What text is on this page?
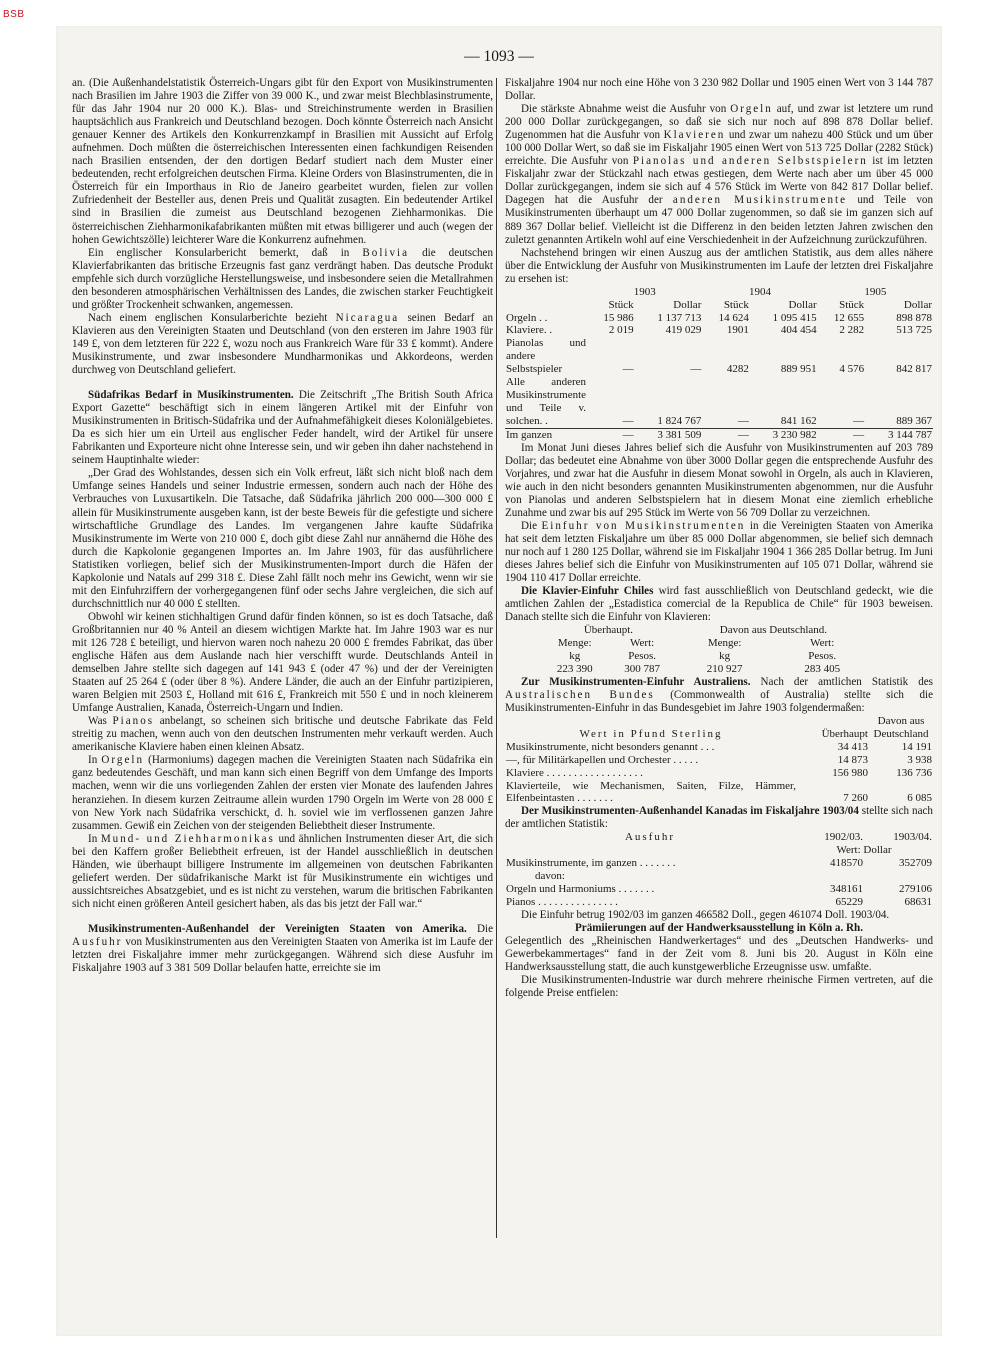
BSB
— 1093 —

an. (Die Außenhandelstatistik Österreich-Ungars gibt für den Export von Musikinstrumenten nach Brasilien im Jahre 1903 die Ziffer von 39 000 K., und zwar meist Blechblasinstrumente, für das Jahr 1904 nur 20 000 K.). Blas- und Streichinstrumente werden in Brasilien hauptsächlich aus Frankreich und Deutschland bezogen. Doch könnte Österreich nach Ansicht genauer Kenner des Artikels den Konkurrenzkampf in Brasilien mit Aussicht auf Erfolg aufnehmen. Doch müßten die österreichischen Interessenten einen fachkundigen Reisenden nach Brasilien entsenden, der den dortigen Bedarf studiert nach dem Muster einer bedeutenden, recht erfolgreichen deutschen Firma. Kleine Orders von Blasinstrumenten, die in Österreich für ein Importhaus in Rio de Janeiro gearbeitet wurden, fielen zur vollen Zufriedenheit der Besteller aus, denen Preis und Qualität zusagten. Ein bedeutender Artikel sind in Brasilien die zumeist aus Deutschland bezogenen Ziehharmonikas. Die österreichischen Ziehharmonikafabrikanten müßten mit etwas billigerer und auch (wegen der hohen Gewichtszölle) leichterer Ware die Konkurrenz aufnehmen.

Ein englischer Konsularbericht bemerkt, daß in Bolivia die deutschen Klavierfabrikanten das britische Erzeugnis fast ganz verdrängt haben. Das deutsche Produkt empfehle sich durch vorzügliche Herstellungsweise, und insbesondere seien die Metallrahmen den besonderen atmosphärischen Verhältnissen des Landes, die zwischen starker Feuchtigkeit und größter Trockenheit schwanken, angemessen.

Nach einem englischen Konsularberichte bezieht Nicaragua seinen Bedarf an Klavieren aus den Vereinigten Staaten und Deutschland (von den ersteren im Jahre 1903 für 149 £, von dem letzteren für 222 £, wozu noch aus Frankreich Ware für 33 £ kommt). Andere Musikinstrumente, und zwar insbesondere Mundharmonikas und Akkordeons, werden durchweg von Deutschland geliefert.

Südafrikas Bedarf in Musikinstrumenten. Die Zeitschrift „The British South Africa Export Gazette“ beschäftigt sich in einem längeren Artikel mit der Einfuhr von Musikinstrumenten in Britisch-Südafrika und der Aufnahmefähigkeit dieses Koloniälgebietes. Da es sich hier um ein Urteil aus englischer Feder handelt, wird der Artikel für unsere Fabrikanten und Exporteure nicht ohne Interesse sein, und wir geben ihn daher nachstehend in seinem Hauptinhalte wieder:

„Der Grad des Wohlstandes, dessen sich ein Volk erfreut, läßt sich nicht bloß nach dem Umfange seines Handels und seiner Industrie ermessen, sondern auch nach der Höhe des Verbrauches von Luxusartikeln. Die Tatsache, daß Südafrika jährlich 200 000—300 000 £ allein für Musikinstrumente ausgeben kann, ist der beste Beweis für die gefestigte und sichere wirtschaftliche Grundlage des Landes. Im vergangenen Jahre kaufte Südafrika Musikinstrumente im Werte von 210 000 £, doch gibt diese Zahl nur annähernd die Höhe des durch die Kapkolonie gegangenen Importes an. Im Jahre 1903, für das ausführlichere Statistiken vorliegen, belief sich der Musikinstrumenten-Import durch die Häfen der Kapkolonie und Natals auf 299 318 £. Diese Zahl fällt noch mehr ins Gewicht, wenn wir sie mit den Einfuhrziffern der vorhergegangenen fünf oder sechs Jahre vergleichen, die sich auf durchschnittlich nur 40 000 £ stellten.

Obwohl wir keinen stichhaltigen Grund dafür finden können, so ist es doch Tatsache, daß Großbritannien nur 40 % Anteil an diesem wichtigen Markte hat. Im Jahre 1903 war es nur mit 126 728 £ beteiligt, und hiervon waren noch nahezu 20 000 £ fremdes Fabrikat, das über englische Häfen aus dem Auslande nach hier verschifft wurde. Deutschlands Anteil in demselben Jahre stellte sich dagegen auf 141 943 £ (oder 47 %) und der der Vereinigten Staaten auf 25 264 £ (oder über 8 %). Andere Länder, die auch an der Einfuhr partizipieren, waren Belgien mit 2503 £, Holland mit 616 £, Frankreich mit 550 £ und in noch kleinerem Umfange Australien, Kanada, Österreich-Ungarn und Indien.

Was Pianos anbelangt, so scheinen sich britische und deutsche Fabrikate das Feld streitig zu machen, wenn auch von den deutschen Instrumenten mehr verkauft werden. Auch amerikanische Klaviere haben einen kleinen Absatz.

In Orgeln (Harmoniums) dagegen machen die Vereinigten Staaten nach Südafrika ein ganz bedeutendes Geschäft, und man kann sich einen Begriff von dem Umfange des Imports machen, wenn wir die uns vorliegenden Zahlen der ersten vier Monate des laufenden Jahres heranziehen. In diesem kurzen Zeitraume allein wurden 1790 Orgeln im Werte von 28 000 £ von New York nach Südafrika verschickt, d. h. soviel wie im verflossenen ganzen Jahre zusammen. Gewiß ein Zeichen von der steigenden Beliebtheit dieser Instrumente.

In Mund- und Ziehharmonikas und ähnlichen Instrumenten dieser Art, die sich bei den Kaffern großer Beliebtheit erfreuen, ist der Handel ausschließlich in deutschen Händen, wie überhaupt billigere Instrumente im allgemeinen von deutschen Fabrikanten geliefert werden. Der südafrikanische Markt ist für Musikinstrumente ein wichtiges und aussichtsreiches Absatzgebiet, und es ist nicht zu verstehen, warum die britischen Fabrikanten sich nicht einen größeren Anteil gesichert haben, als das bis jetzt der Fall war.“

Musikinstrumenten-Außenhandel der Vereinigten Staaten von Amerika. Die Ausfuhr von Musikinstrumenten aus den Vereinigten Staaten von Amerika ist im Laufe der letzten drei Fiskaljahre immer mehr zurückgegangen. Während sich diese Ausfuhr im Fiskaljahre 1903 auf 3 381 509 Dollar belaufen hatte, erreichte sie im

Fiskaljahre 1904 nur noch eine Höhe von 3 230 982 Dollar und 1905 einen Wert von 3 144 787 Dollar.

Die stärkste Abnahme weist die Ausfuhr von Orgeln auf, und zwar ist letztere um rund 200 000 Dollar zurückgegangen, so daß sie sich nur noch auf 898 878 Dollar belief. Zugenommen hat die Ausfuhr von Klavieren und zwar um nahezu 400 Stück und um über 100 000 Dollar Wert, so daß sie im Fiskaljahr 1905 einen Wert von 513 725 Dollar (2282 Stück) erreichte. Die Ausfuhr von Pianolas und anderen Selbstspielern ist im letzten Fiskaljahr zwar der Stückzahl nach etwas gestiegen, dem Werte nach aber um über 45 000 Dollar zurückgegangen, indem sie sich auf 4 576 Stück im Werte von 842 817 Dollar belief. Dagegen hat die Ausfuhr der anderen Musikinstrumente und Teile von Musikinstrumenten überhaupt um 47 000 Dollar zugenommen, so daß sie im ganzen sich auf 889 367 Dollar belief. Vielleicht ist die Differenz in den beiden letzten Jahren zwischen den zuletzt genannten Artikeln wohl auf eine Verschiedenheit in der Aufzeichnung zurückzuführen.

Nachstehend bringen wir einen Auszug aus der amtlichen Statistik, aus dem alles nähere über die Entwicklung der Ausfuhr von Musikinstrumenten im Laufe der letzten drei Fiskaljahre zu ersehen ist:

	1903		1904		1905	
	Stück	Dollar	Stück	Dollar	Stück	Dollar
Orgeln . .	15 986	1 137 713	14 624	1 095 415	12 655	898 878
Klaviere. .	2 019	419 029	1901	404 454	2 282	513 725
Pianolas und andere Selbstspieler	—	—	4282	889 951	4 576	842 817
Alle anderen Musikinstrumente und Teile v. solchen. .	—	1 824 767	—	841 162	—	889 367
Im ganzen	—	3 381 509	—	3 230 982	—	3 144 787

Im Monat Juni dieses Jahres belief sich die Ausfuhr von Musikinstrumenten auf 203 789 Dollar; das bedeutet eine Abnahme von über 3000 Dollar gegen die entsprechende Ausfuhr des Vorjahres, und zwar hat die Ausfuhr in diesem Monat sowohl in Orgeln, als auch in Klavieren, wie auch in den nicht besonders genannten Musikinstrumenten abgenommen, nur die Ausfuhr von Pianolas und anderen Selbstspielern hat in diesem Monat eine ziemlich erhebliche Zunahme und zwar bis auf 295 Stück im Werte von 56 709 Dollar zu verzeichnen.

Die Einfuhr von Musikinstrumenten in die Vereinigten Staaten von Amerika hat seit dem letzten Fiskaljahre um über 85 000 Dollar abgenommen, sie belief sich demnach nur noch auf 1 280 125 Dollar, während sie im Fiskaljahr 1904 1 366 285 Dollar betrug. Im Juni dieses Jahres belief sich die Einfuhr von Musikinstrumenten auf 105 071 Dollar, während sie 1904 110 417 Dollar erreichte.

Die Klavier-Einfuhr Chiles wird fast ausschließlich von Deutschland gedeckt, wie die amtlichen Zahlen der „Estadistica comercial de la Republica de Chile“ für 1903 beweisen. Danach stellte sich die Einfuhr von Klavieren:

Überhaupt.		Davon aus Deutschland.	
Menge:	Wert:	Menge:	Wert:
kg	Pesos.	kg	Pesos.
223 390	300 787	210 927	283 405

Zur Musikinstrumenten-Einfuhr Australiens. Nach der amtlichen Statistik des Australischen Bundes (Commonwealth of Australia) stellte sich die Musikinstrumenten-Einfuhr in das Bundesgebiet im Jahre 1903 folgendermaßen:

Wert in Pfund Sterling	Überhaupt	Davon aus Deutschland
Musikinstrumente, nicht besonders genannt . . .	34 413	14 191
—, für Militärkapellen und Orchester . . . . .	14 873	3 938
Klaviere . . . . . . . . . . . . . . . . . .	156 980	136 736
Klavierteile, wie Mechanismen, Saiten, Filze, Hämmer, Elfenbeintasten . . . . . . .	7 260	6 085

Der Musikinstrumenten-Außenhandel Kanadas im Fiskaljahre 1903/04 stellte sich nach der amtlichen Statistik:

Ausfuhr	1902/03.	1903/04.
	Wert: Dollar	
Musikinstrumente, im ganzen . . . . . . .	418570	352709
davon:		
Orgeln und Harmoniums . . . . . . .	348161	279106
Pianos . . . . . . . . . . . . . . .	65229	68631

Die Einfuhr betrug 1902/03 im ganzen 466582 Doll., gegen 461074 Doll. 1903/04.

Prämiierungen auf der Handwerksausstellung in Köln a. Rh.

Gelegentlich des „Rheinischen Handwerkertages“ und des „Deutschen Handwerks- und Gewerbekammertages“ fand in der Zeit vom 8. Juni bis 20. August in Köln eine Handwerksausstellung statt, die auch kunstgewerbliche Erzeugnisse usw. umfaßte.

Die Musikinstrumenten-Industrie war durch mehrere rheinische Firmen vertreten, auf die folgende Preise entfielen:
